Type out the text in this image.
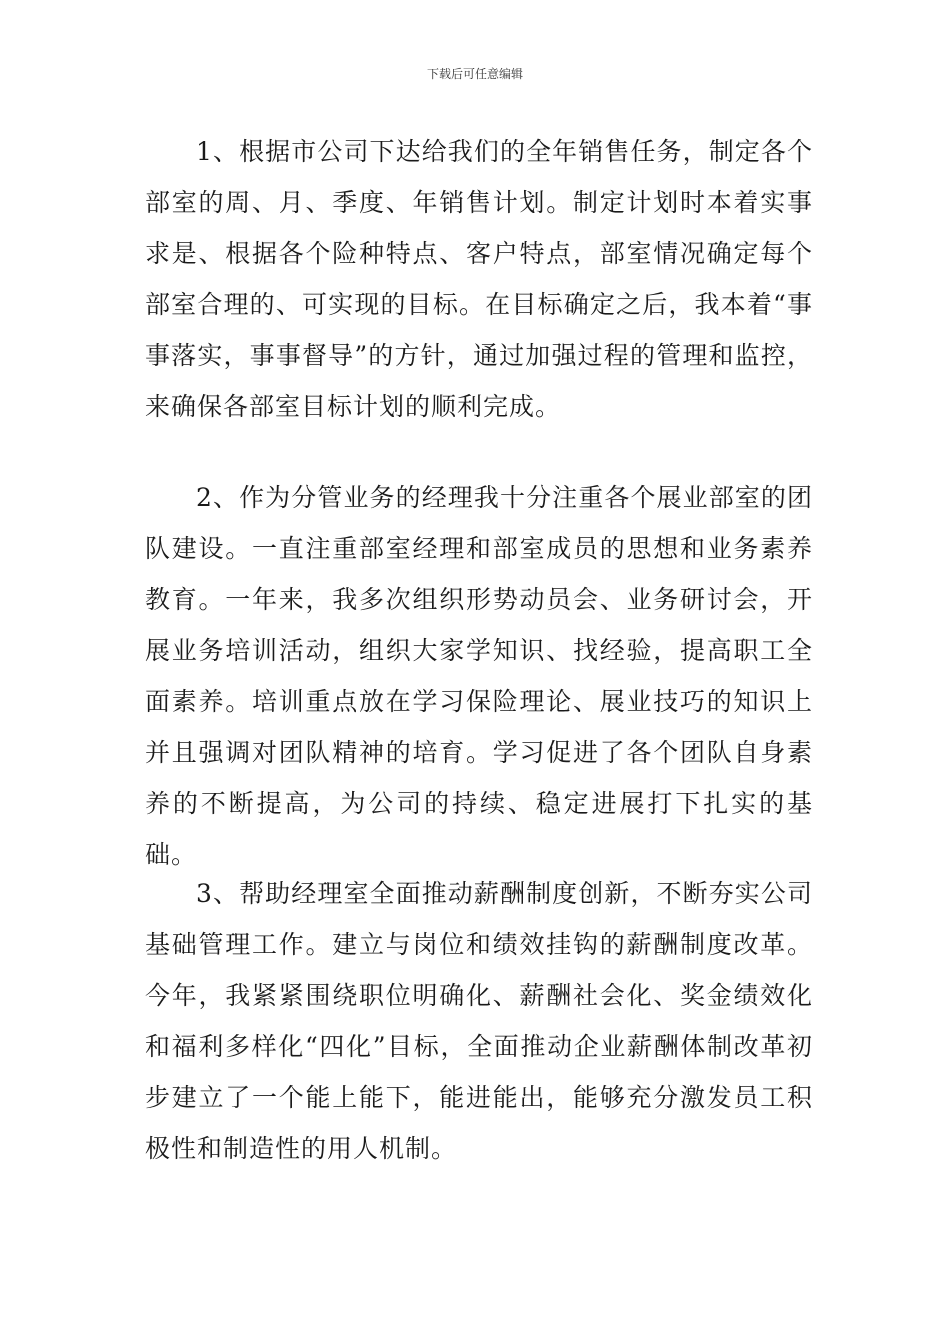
下载后可任意编辑

1、根据市公司下达给我们的全年销售任务，制定各个部室的周、月、季度、年销售计划。制定计划时本着实事求是、根据各个险种特点、客户特点，部室情况确定每个部室合理的、可实现的目标。在目标确定之后，我本着“事事落实，事事督导”的方针，通过加强过程的管理和监控，来确保各部室目标计划的顺利完成。

2、作为分管业务的经理我十分注重各个展业部室的团队建设。一直注重部室经理和部室成员的思想和业务素养教育。一年来，我多次组织形势动员会、业务研讨会，开展业务培训活动，组织大家学知识、找经验，提高职工全面素养。培训重点放在学习保险理论、展业技巧的知识上并且强调对团队精神的培育。学习促进了各个团队自身素养的不断提高，为公司的持续、稳定进展打下扎实的基础。

3、帮助经理室全面推动薪酬制度创新，不断夯实公司基础管理工作。建立与岗位和绩效挂钩的薪酬制度改革。今年，我紧紧围绕职位明确化、薪酬社会化、奖金绩效化和福利多样化“四化”目标，全面推动企业薪酬体制改革初步建立了一个能上能下，能进能出，能够充分激发员工积极性和制造性的用人机制。
